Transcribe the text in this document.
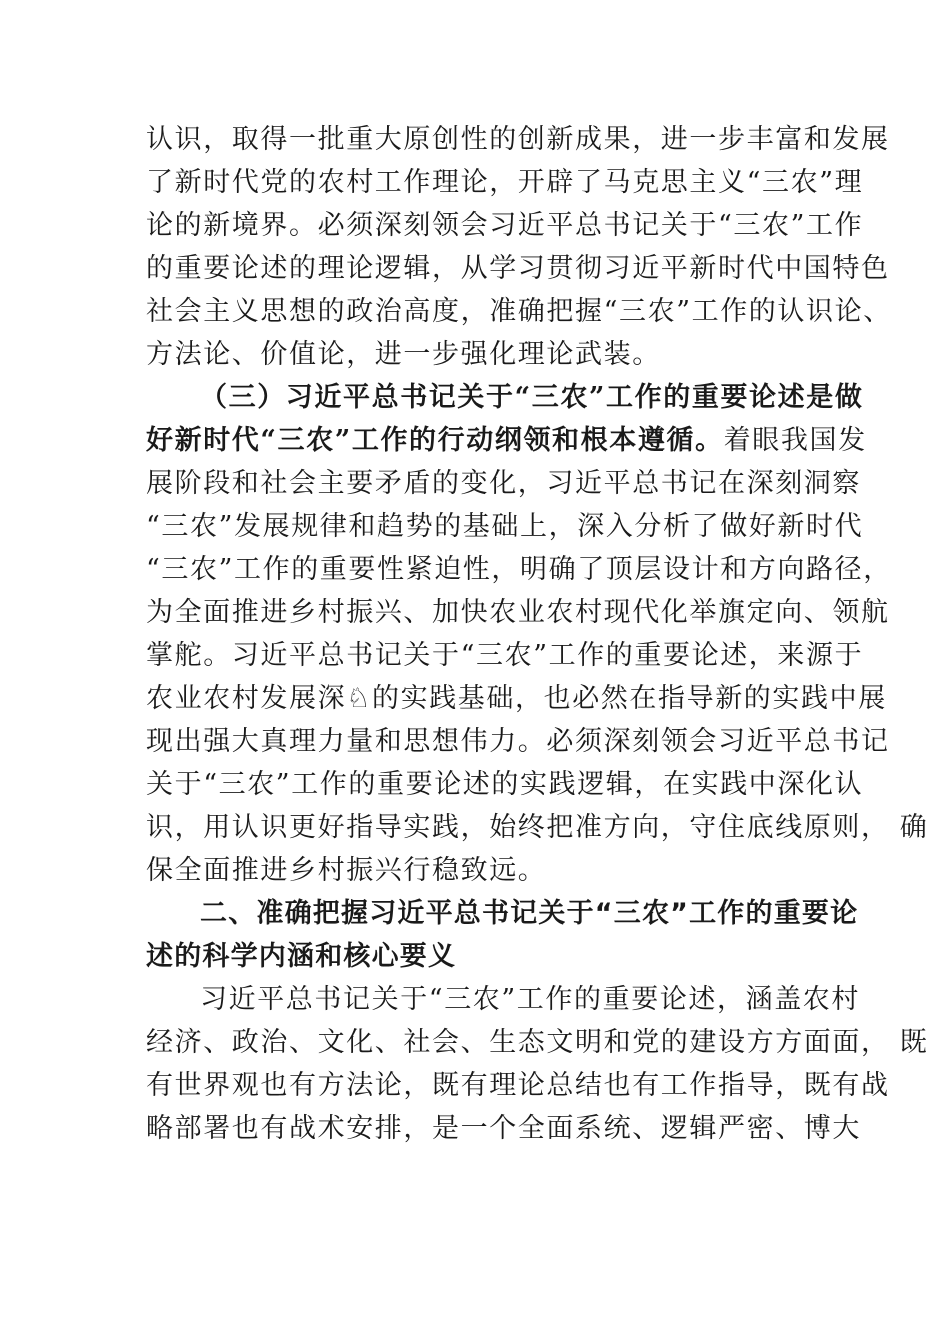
认识，取得一批重大原创性的创新成果，进一步丰富和发展
了新时代党的农村工作理论，开辟了马克思主义“三农”理
论的新境界。必须深刻领会习近平总书记关于“三农”工作
的重要论述的理论逻辑，从学习贯彻习近平新时代中国特色
社会主义思想的政治高度，准确把握“三农”工作的认识论、
方法论、价值论，进一步强化理论武装。
（三）习近平总书记关于“三农”工作的重要论述是做
好新时代“三农”工作的行动纲领和根本遵循。着眼我国发
展阶段和社会主要矛盾的变化，习近平总书记在深刻洞察
“三农”发展规律和趋势的基础上，深入分析了做好新时代
“三农”工作的重要性紧迫性，明确了顶层设计和方向路径，
为全面推进乡村振兴、加快农业农村现代化举旗定向、领航
掌舵。习近平总书记关于“三农”工作的重要论述，来源于
农业农村发展深♘的实践基础，也必然在指导新的实践中展
现出强大真理力量和思想伟力。必须深刻领会习近平总书记
关于“三农”工作的重要论述的实践逻辑，在实践中深化认
识，用认识更好指导实践，始终把准方向，守住底线原则， 确
保全面推进乡村振兴行稳致远。
二、准确把握习近平总书记关于“三农”工作的重要论
述的科学内涵和核心要义
习近平总书记关于“三农”工作的重要论述，涵盖农村
经济、政治、文化、社会、生态文明和党的建设方方面面， 既
有世界观也有方法论，既有理论总结也有工作指导，既有战
略部署也有战术安排，是一个全面系统、逻辑严密、博大
